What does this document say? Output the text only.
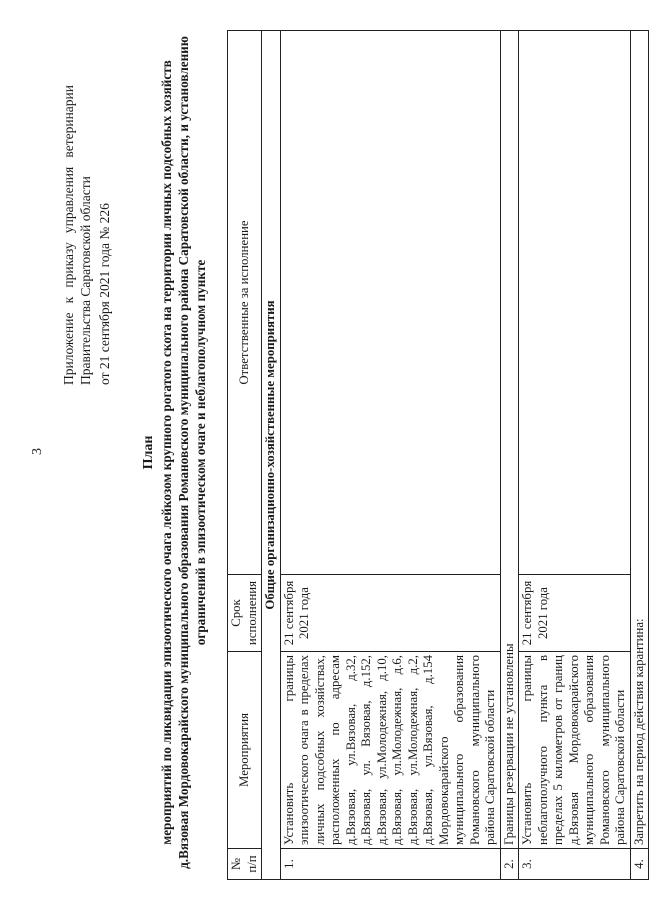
3
Приложение к приказу управления ветеринарии Правительства Саратовской области от 21 сентября 2021 года № 226
План мероприятий по ликвидации эпизоотического очага лейкозом крупного рогатого скота на территории личных подсобных хозяйств д.Вязовая Мордовокарайского муниципального образования Романовского муниципального района Саратовской области, и установлению ограничений в эпизоотическом очаге и неблагополучном пункте
№ п/п	Мероприятия	Срок исполнения	Ответственные за исполнение
Общие организационно-хозяйственные мероприятия			
1.	Установить границы эпизоотического очага в пределах личных подсобных хозяйствах, расположенных по адресам д.Вязовая, ул.Вязовая, д.32, д.Вязовая, ул. Вязовая, д.152, д.Вязовая, ул.Молодежная, д.10, д.Вязовая, ул.Молодежная, д.6, д.Вязовая, ул.Молодежная, д.2, д.Вязовая, ул.Вязовая, д.154 Мордовокарайского муниципального образования Романовского муниципального района Саратовской области	21 сентября 2021 года	
2.	Границы резервации не установлены		
3.	Установить границы неблагополучного пункта в пределах 5 километров от границ д.Вязовая Мордовокарайского муниципального образования Романовского муниципального района Саратовской области	21 сентября 2021 года	
4.	Запретить на период действия карантина:		
